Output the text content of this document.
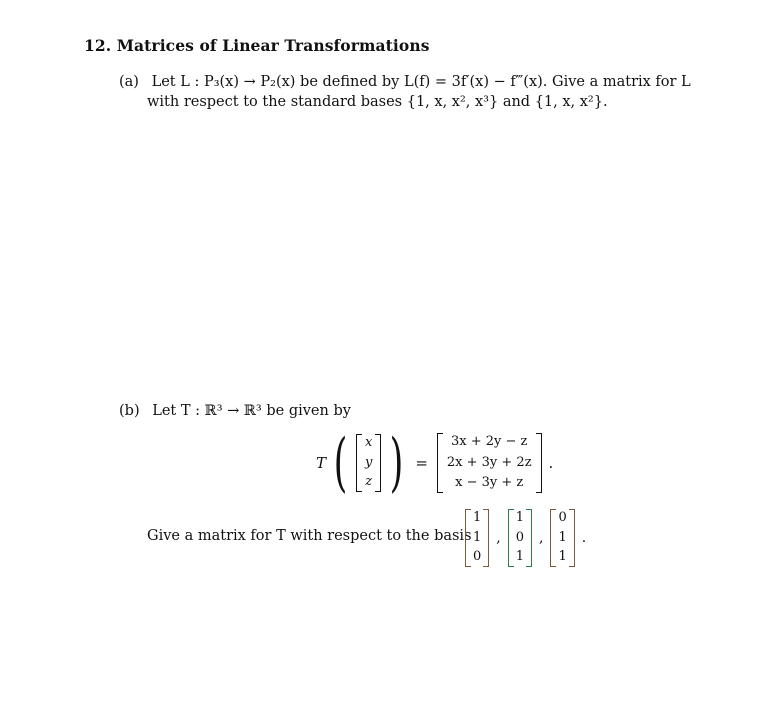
12. Matrices of Linear Transformations
(a) Let L : P₃(x) → P₂(x) be defined by L(f) = 3f′(x) − f‴(x). Give a matrix for L
with respect to the standard bases {1, x, x², x³} and {1, x, x²}.
(b) Let T : ℝ³ → ℝ³ be given by
T ( x
y
z ) =
3x + 2y − z
2x + 3y + 2z
x − 3y + z
.
Give a matrix for T with respect to the basis
1
1
0
,
1
0
1
,
0
1
1
.
